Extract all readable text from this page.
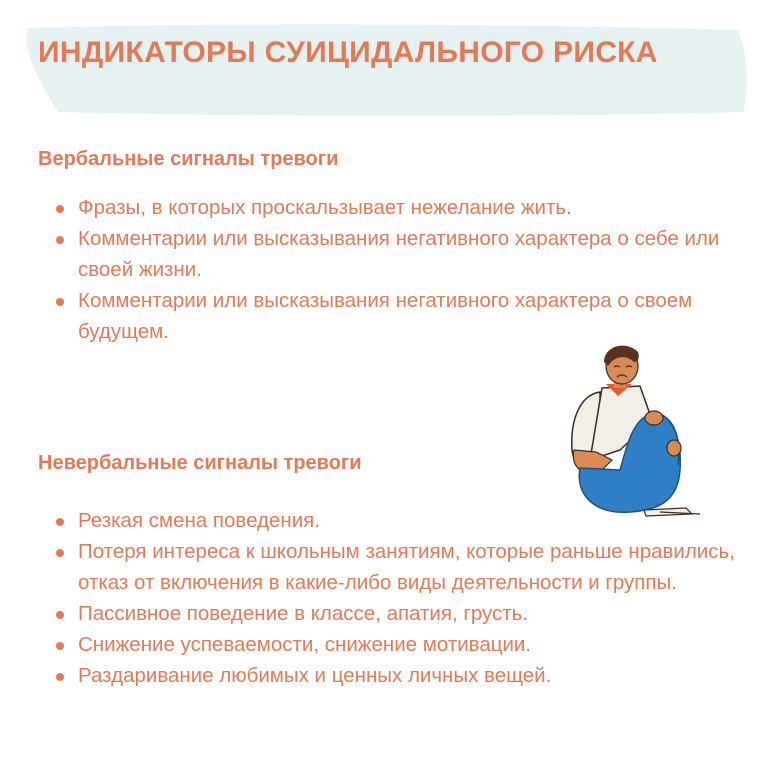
ИНДИКАТОРЫ СУИЦИДАЛЬНОГО РИСКА
Вербальные сигналы тревоги
Фразы, в которых проскальзывает нежелание жить.
Комментарии или высказывания негативного характера о себе или своей жизни.
Комментарии или высказывания негативного характера о своем будущем.
Невербальные сигналы тревоги
Резкая смена поведения.
Потеря интереса к школьным занятиям, которые раньше нравились, отказ от включения в какие-либо виды деятельности и группы.
Пассивное поведение в классе, апатия, грусть.
Снижение успеваемости, снижение мотивации.
Раздаривание любимых и ценных личных вещей.
